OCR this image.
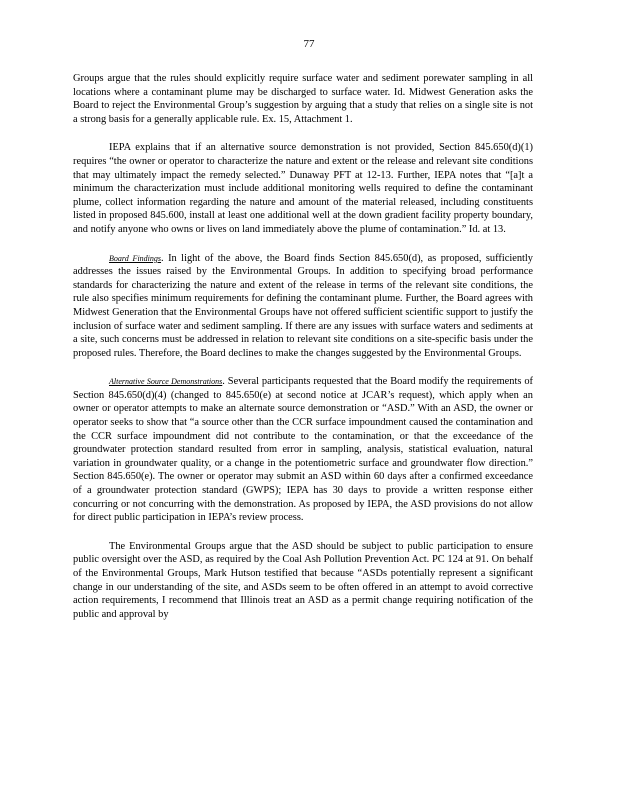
77

Groups argue that the rules should explicitly require surface water and sediment porewater sampling in all locations where a contaminant plume may be discharged to surface water. Id. Midwest Generation asks the Board to reject the Environmental Group’s suggestion by arguing that a study that relies on a single site is not a strong basis for a generally applicable rule. Ex. 15, Attachment 1.

IEPA explains that if an alternative source demonstration is not provided, Section 845.650(d)(1) requires “the owner or operator to characterize the nature and extent or the release and relevant site conditions that may ultimately impact the remedy selected.” Dunaway PFT at 12-13. Further, IEPA notes that “[a]t a minimum the characterization must include additional monitoring wells required to define the contaminant plume, collect information regarding the nature and amount of the material released, including constituents listed in proposed 845.600, install at least one additional well at the down gradient facility property boundary, and notify anyone who owns or lives on land immediately above the plume of contamination.” Id. at 13.

Board Findings. In light of the above, the Board finds Section 845.650(d), as proposed, sufficiently addresses the issues raised by the Environmental Groups. In addition to specifying broad performance standards for characterizing the nature and extent of the release in terms of the relevant site conditions, the rule also specifies minimum requirements for defining the contaminant plume. Further, the Board agrees with Midwest Generation that the Environmental Groups have not offered sufficient scientific support to justify the inclusion of surface water and sediment sampling. If there are any issues with surface waters and sediments at a site, such concerns must be addressed in relation to relevant site conditions on a site-specific basis under the proposed rules. Therefore, the Board declines to make the changes suggested by the Environmental Groups.

Alternative Source Demonstrations. Several participants requested that the Board modify the requirements of Section 845.650(d)(4) (changed to 845.650(e) at second notice at JCAR’s request), which apply when an owner or operator attempts to make an alternate source demonstration or “ASD.” With an ASD, the owner or operator seeks to show that “a source other than the CCR surface impoundment caused the contamination and the CCR surface impoundment did not contribute to the contamination, or that the exceedance of the groundwater protection standard resulted from error in sampling, analysis, statistical evaluation, natural variation in groundwater quality, or a change in the potentiometric surface and groundwater flow direction.” Section 845.650(e). The owner or operator may submit an ASD within 60 days after a confirmed exceedance of a groundwater protection standard (GWPS); IEPA has 30 days to provide a written response either concurring or not concurring with the demonstration. As proposed by IEPA, the ASD provisions do not allow for direct public participation in IEPA’s review process.

The Environmental Groups argue that the ASD should be subject to public participation to ensure public oversight over the ASD, as required by the Coal Ash Pollution Prevention Act. PC 124 at 91. On behalf of the Environmental Groups, Mark Hutson testified that because “ASDs potentially represent a significant change in our understanding of the site, and ASDs seem to be often offered in an attempt to avoid corrective action requirements, I recommend that Illinois treat an ASD as a permit change requiring notification of the public and approval by
